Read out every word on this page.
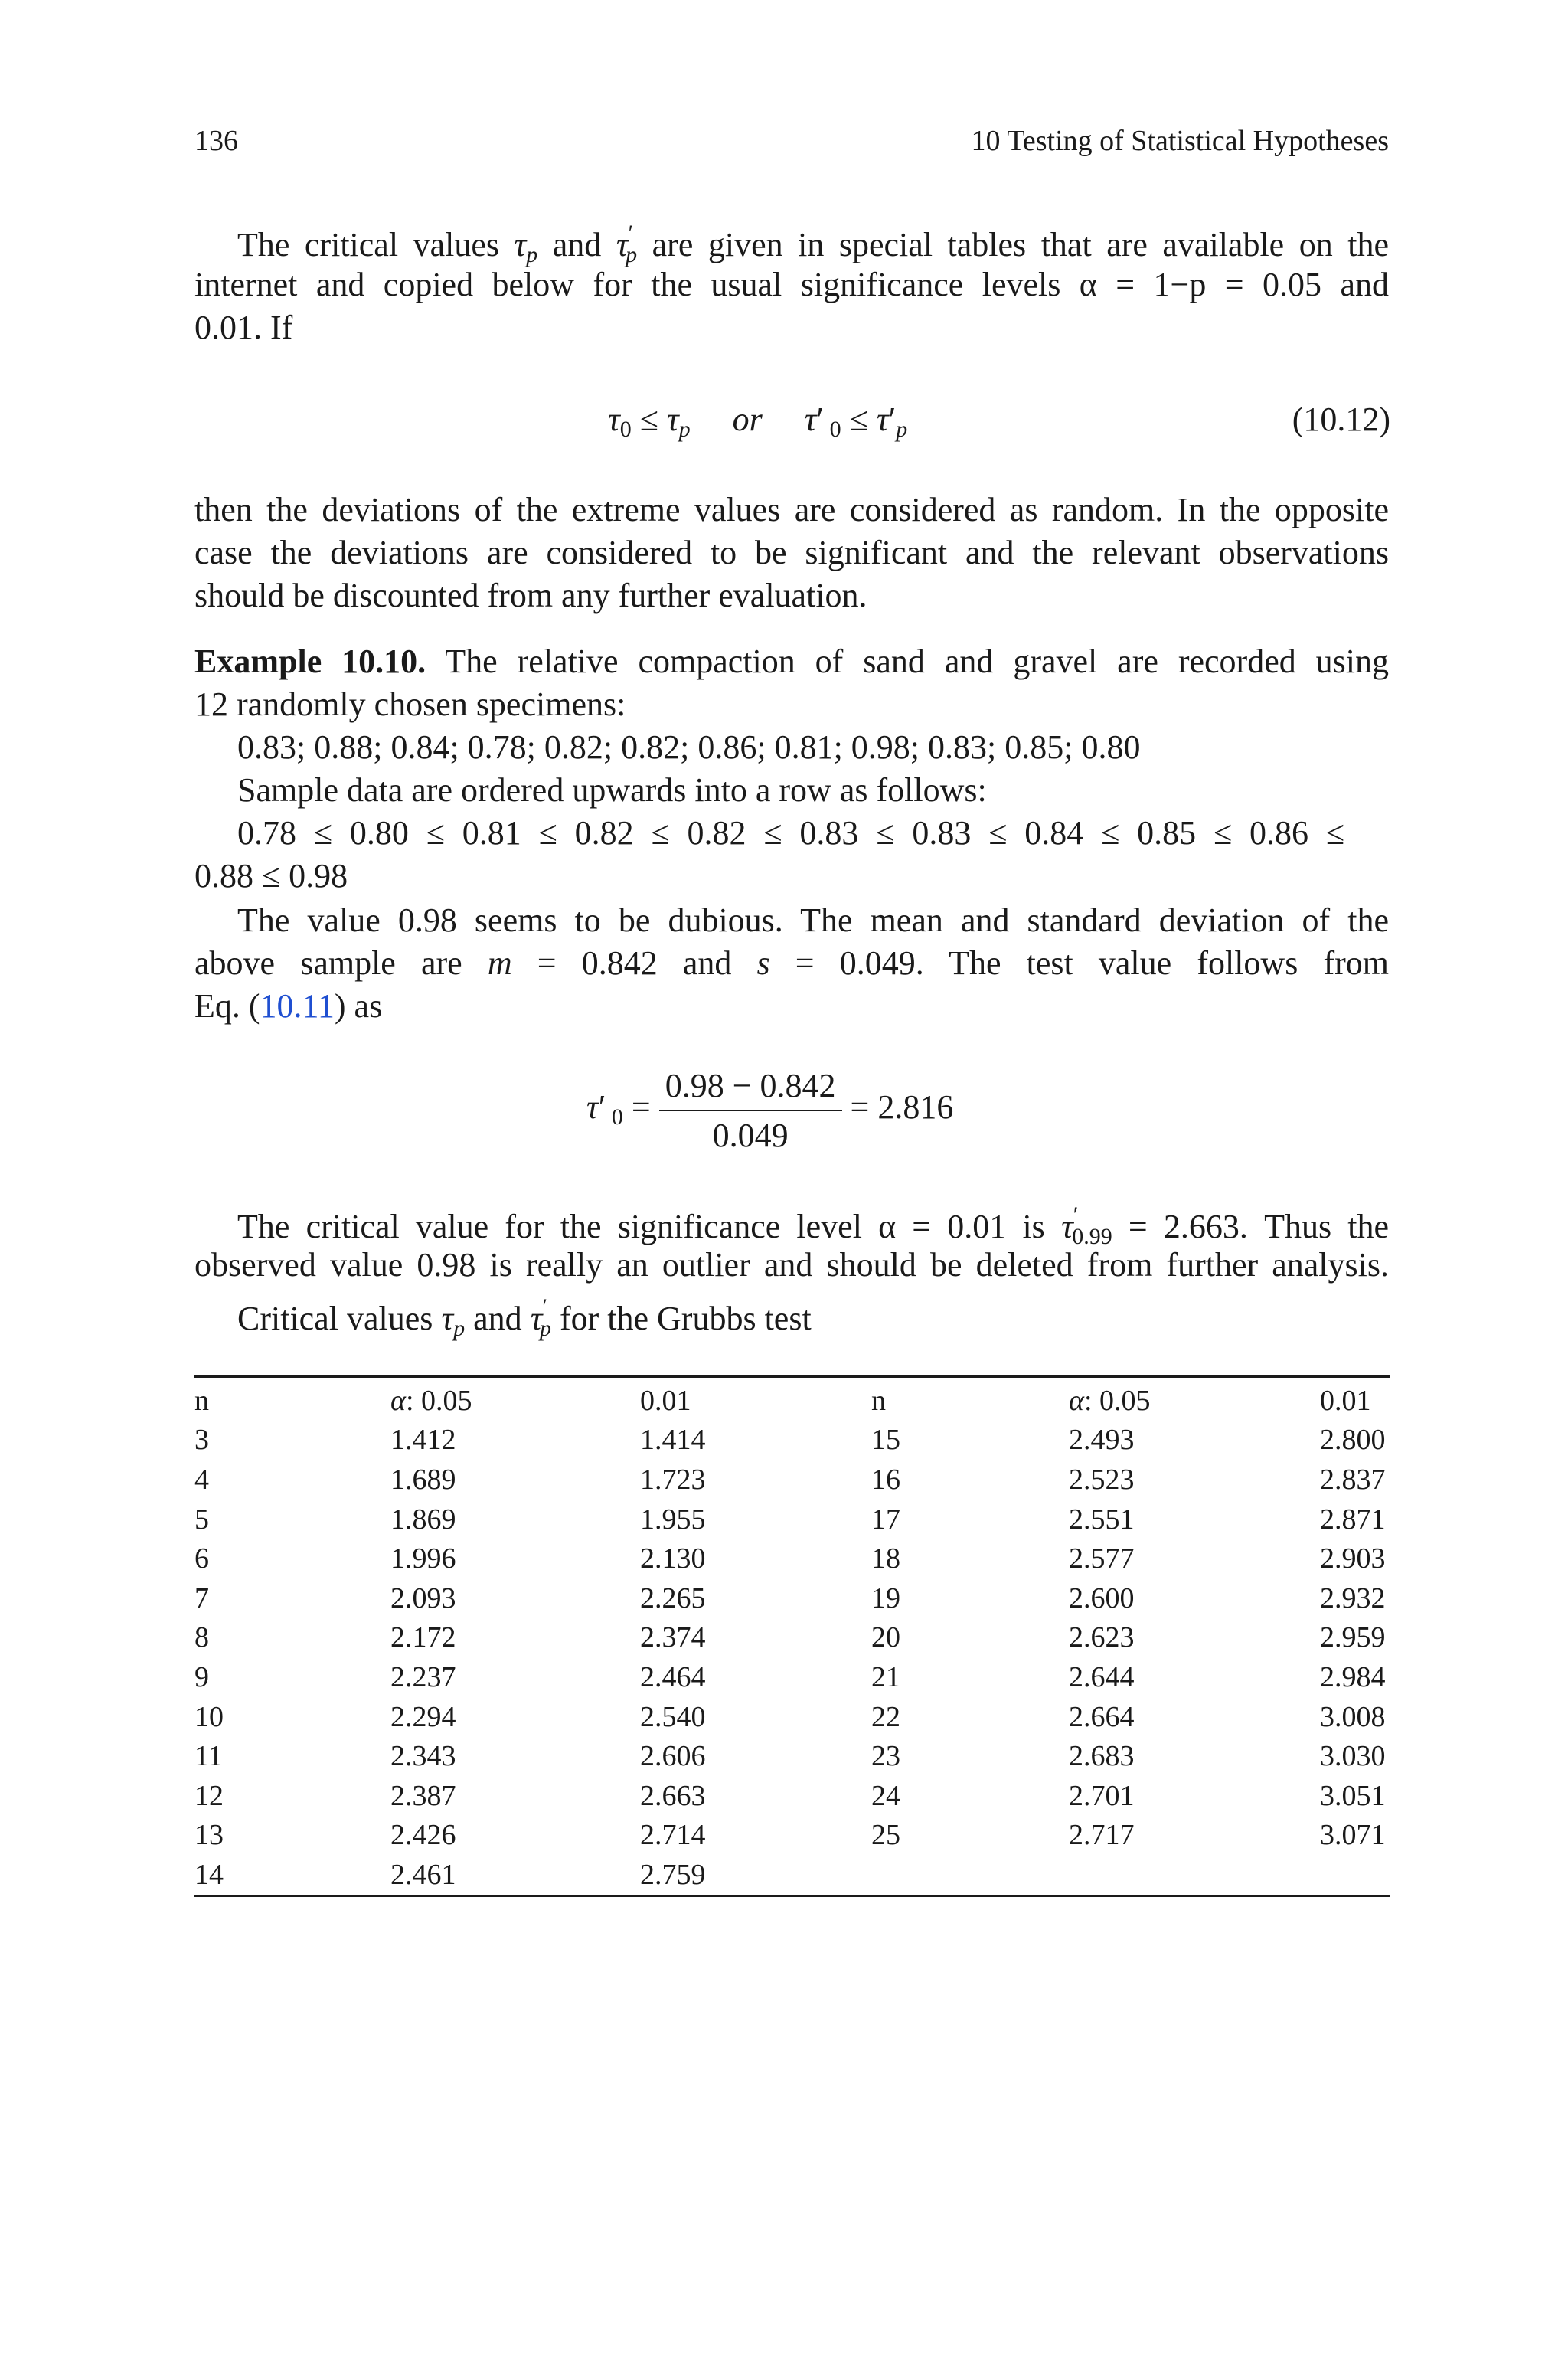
136	10 Testing of Statistical Hypotheses
The critical values $\tau_p$ and $\tau'_p$ are given in special tables that are available on the
internet and copied below for the usual significance levels α = 1−p = 0.05 and
0.01. If
$\tau_0 \le \tau_p$ or τ′ $_0 \le \tau'_p$	(10.12)
then the deviations of the extreme values are considered as random. In the opposite
case the deviations are considered to be significant and the relevant observations
should be discounted from any further evaluation.
Example 10.10. The relative compaction of sand and gravel are recorded using
12 randomly chosen specimens:
0.83; 0.88; 0.84; 0.78; 0.82; 0.82; 0.86; 0.81; 0.98; 0.83; 0.85; 0.80
Sample data are ordered upwards into a row as follows:
0.78 ≤ 0.80 ≤ 0.81 ≤ 0.82 ≤ 0.82 ≤ 0.83 ≤ 0.83 ≤ 0.84 ≤ 0.85 ≤ 0.86 ≤
0.88 ≤ 0.98
The value 0.98 seems to be dubious. The mean and standard deviation of the
above sample are m = 0.842 and s = 0.049. The test value follows from
Eq. (10.11) as
τ′ $_0 = \frac{0.98 - 0.842}{0.049} = 2.816$
The critical value for the significance level α = 0.01 is $\tau'_{0.99} = 2.663$. Thus the
observed value 0.98 is really an outlier and should be deleted from further analysis.
Critical values $\tau_p$ and $\tau'_p$ for the Grubbs test
n	α: 0.05	0.01	n	α: 0.05	0.01
3	1.412	1.414	15	2.493	2.800
4	1.689	1.723	16	2.523	2.837
5	1.869	1.955	17	2.551	2.871
6	1.996	2.130	18	2.577	2.903
7	2.093	2.265	19	2.600	2.932
8	2.172	2.374	20	2.623	2.959
9	2.237	2.464	21	2.644	2.984
10	2.294	2.540	22	2.664	3.008
11	2.343	2.606	23	2.683	3.030
12	2.387	2.663	24	2.701	3.051
13	2.426	2.714	25	2.717	3.071
14	2.461	2.759			
